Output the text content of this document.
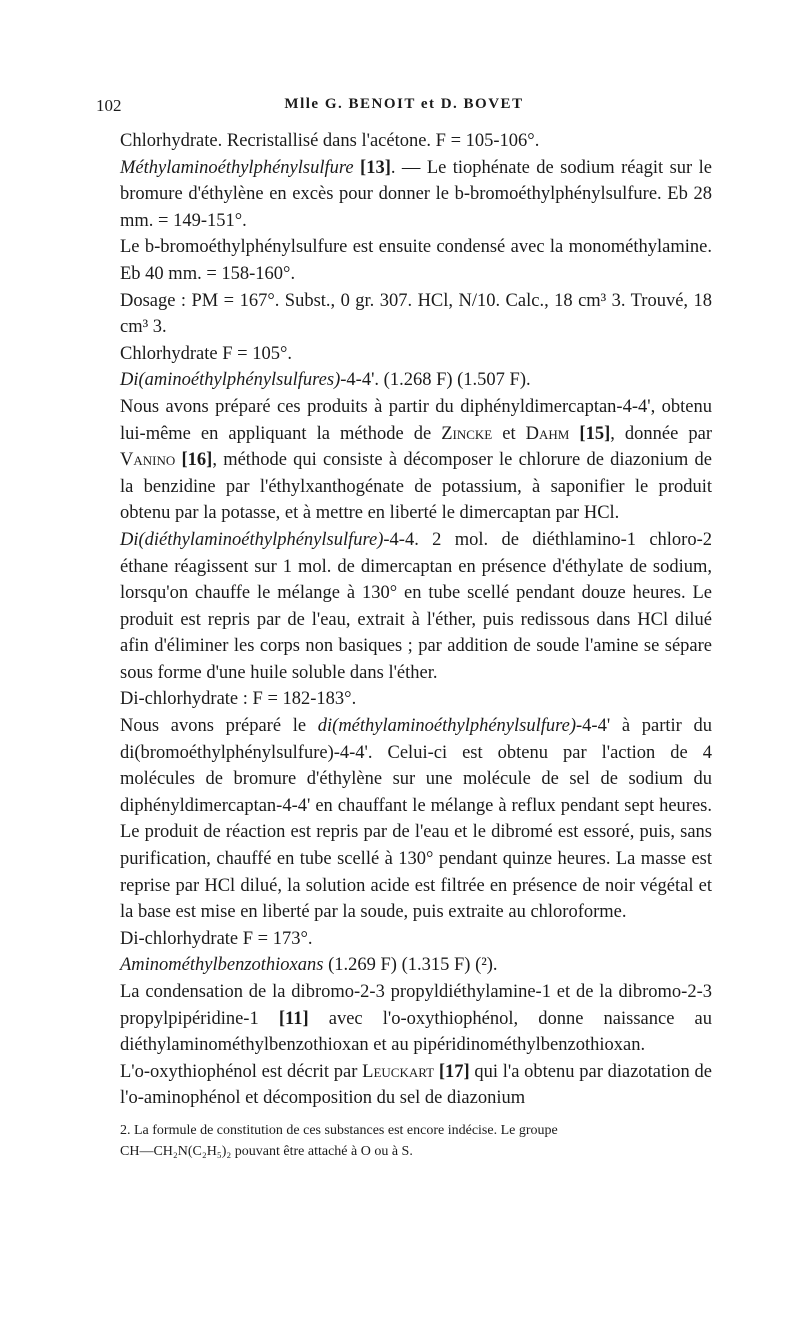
102	Mlle G. BENOIT et D. BOVET

Chlorhydrate. Recristallisé dans l'acétone. F = 105-106°.

Méthylaminoéthylphénylsulfure [13]. — Le tiophénate de sodium réagit sur le bromure d'éthylène en excès pour donner le b-bromoéthylphénylsulfure. Eb 28 mm. = 149-151°.

Le b-bromoéthylphénylsulfure est ensuite condensé avec la monométhylamine. Eb 40 mm. = 158-160°.

Dosage : PM = 167°. Subst., 0 gr. 307. HCl, N/10. Calc., 18 cm³ 3. Trouvé, 18 cm³ 3.

Chlorhydrate F = 105°.

Di(aminoéthylphénylsulfures)-4-4'. (1.268 F) (1.507 F).

Nous avons préparé ces produits à partir du diphényldimercaptan-4-4', obtenu lui-même en appliquant la méthode de Zincke et Dahm [15], donnée par Vanino [16], méthode qui consiste à décomposer le chlorure de diazonium de la benzidine par l'éthylxanthogénate de potassium, à saponifier le produit obtenu par la potasse, et à mettre en liberté le dimercaptan par HCl.

Di(diéthylaminoéthylphénylsulfure)-4-4. 2 mol. de diéthlamino-1 chloro-2 éthane réagissent sur 1 mol. de dimercaptan en présence d'éthylate de sodium, lorsqu'on chauffe le mélange à 130° en tube scellé pendant douze heures. Le produit est repris par de l'eau, extrait à l'éther, puis redissous dans HCl dilué afin d'éliminer les corps non basiques ; par addition de soude l'amine se sépare sous forme d'une huile soluble dans l'éther.

Di-chlorhydrate : F = 182-183°.

Nous avons préparé le di(méthylaminoéthylphénylsulfure)-4-4' à partir du di(bromoéthylphénylsulfure)-4-4'. Celui-ci est obtenu par l'action de 4 molécules de bromure d'éthylène sur une molécule de sel de sodium du diphényldimercaptan-4-4' en chauffant le mélange à reflux pendant sept heures. Le produit de réaction est repris par de l'eau et le dibromé est essoré, puis, sans purification, chauffé en tube scellé à 130° pendant quinze heures. La masse est reprise par HCl dilué, la solution acide est filtrée en présence de noir végétal et la base est mise en liberté par la soude, puis extraite au chloroforme.

Di-chlorhydrate F = 173°.

Aminométhylbenzothioxans (1.269 F) (1.315 F) (²).

La condensation de la dibromo-2-3 propyldiéthylamine-1 et de la dibromo-2-3 propylpipéridine-1 [11] avec l'o-oxythiophénol, donne naissance au diéthylaminométhylbenzothioxan et au pipéridinométhylbenzothioxan.

L'o-oxythiophénol est décrit par Leuckart [17] qui l'a obtenu par diazotation de l'o-aminophénol et décomposition du sel de diazonium

2. La formule de constitution de ces substances est encore indécise. Le groupe

CH—CH₂N(C₂H₅)₂ pouvant être attaché à O ou à S.
